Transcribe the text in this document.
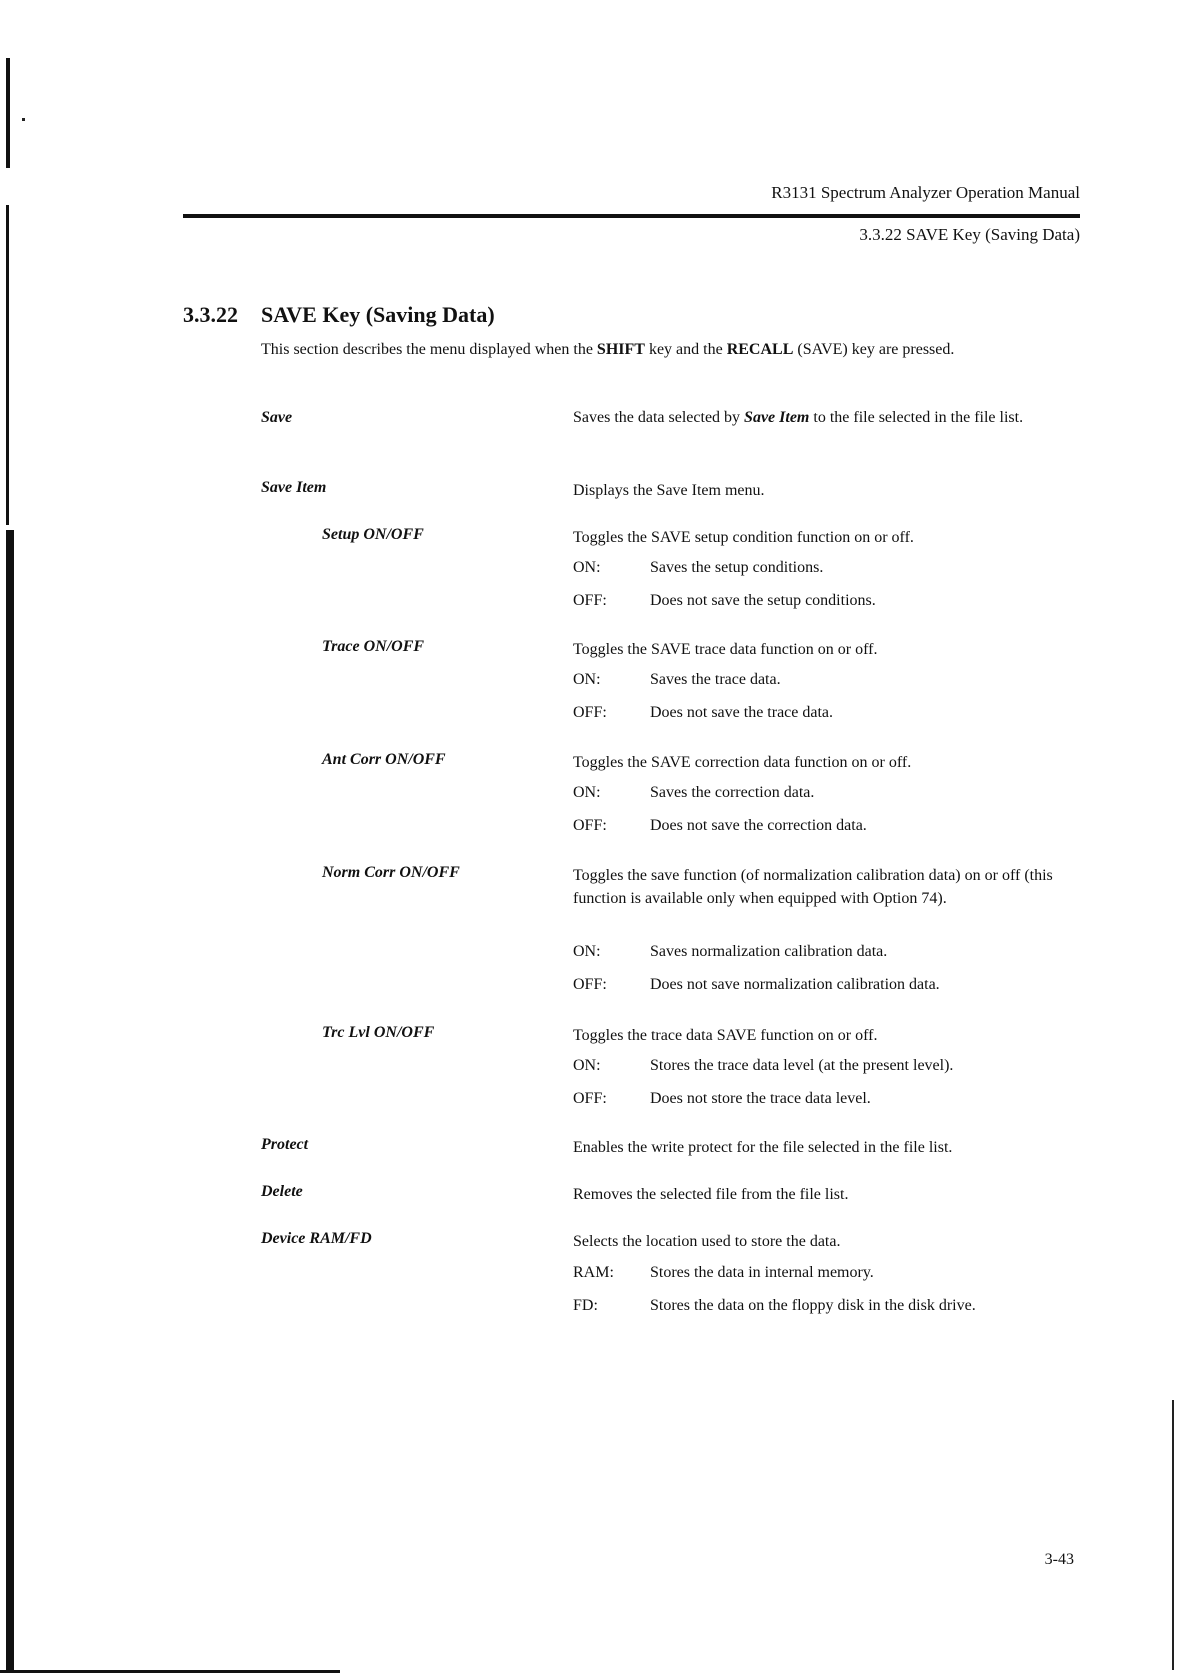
R3131 Spectrum Analyzer Operation Manual
3.3.22 SAVE Key (Saving Data)
3.3.22 SAVE Key (Saving Data)
This section describes the menu displayed when the SHIFT key and the RECALL (SAVE) key are pressed.
Save	Saves the data selected by Save Item to the file selected in the file list.
Save Item	Displays the Save Item menu.
Setup ON/OFF	Toggles the SAVE setup condition function on or off.
ON:	Saves the setup conditions.
OFF:	Does not save the setup conditions.
Trace ON/OFF	Toggles the SAVE trace data function on or off.
ON:	Saves the trace data.
OFF:	Does not save the trace data.
Ant Corr ON/OFF	Toggles the SAVE correction data function on or off.
ON:	Saves the correction data.
OFF:	Does not save the correction data.
Norm Corr ON/OFF	Toggles the save function (of normalization calibration data) on or off (this function is available only when equipped with Option 74).
ON:	Saves normalization calibration data.
OFF:	Does not save normalization calibration data.
Trc Lvl ON/OFF	Toggles the trace data SAVE function on or off.
ON:	Stores the trace data level (at the present level).
OFF:	Does not store the trace data level.
Protect	Enables the write protect for the file selected in the file list.
Delete	Removes the selected file from the file list.
Device RAM/FD	Selects the location used to store the data.
RAM: Stores the data in internal memory.
FD:	Stores the data on the floppy disk in the disk drive.
3-43
